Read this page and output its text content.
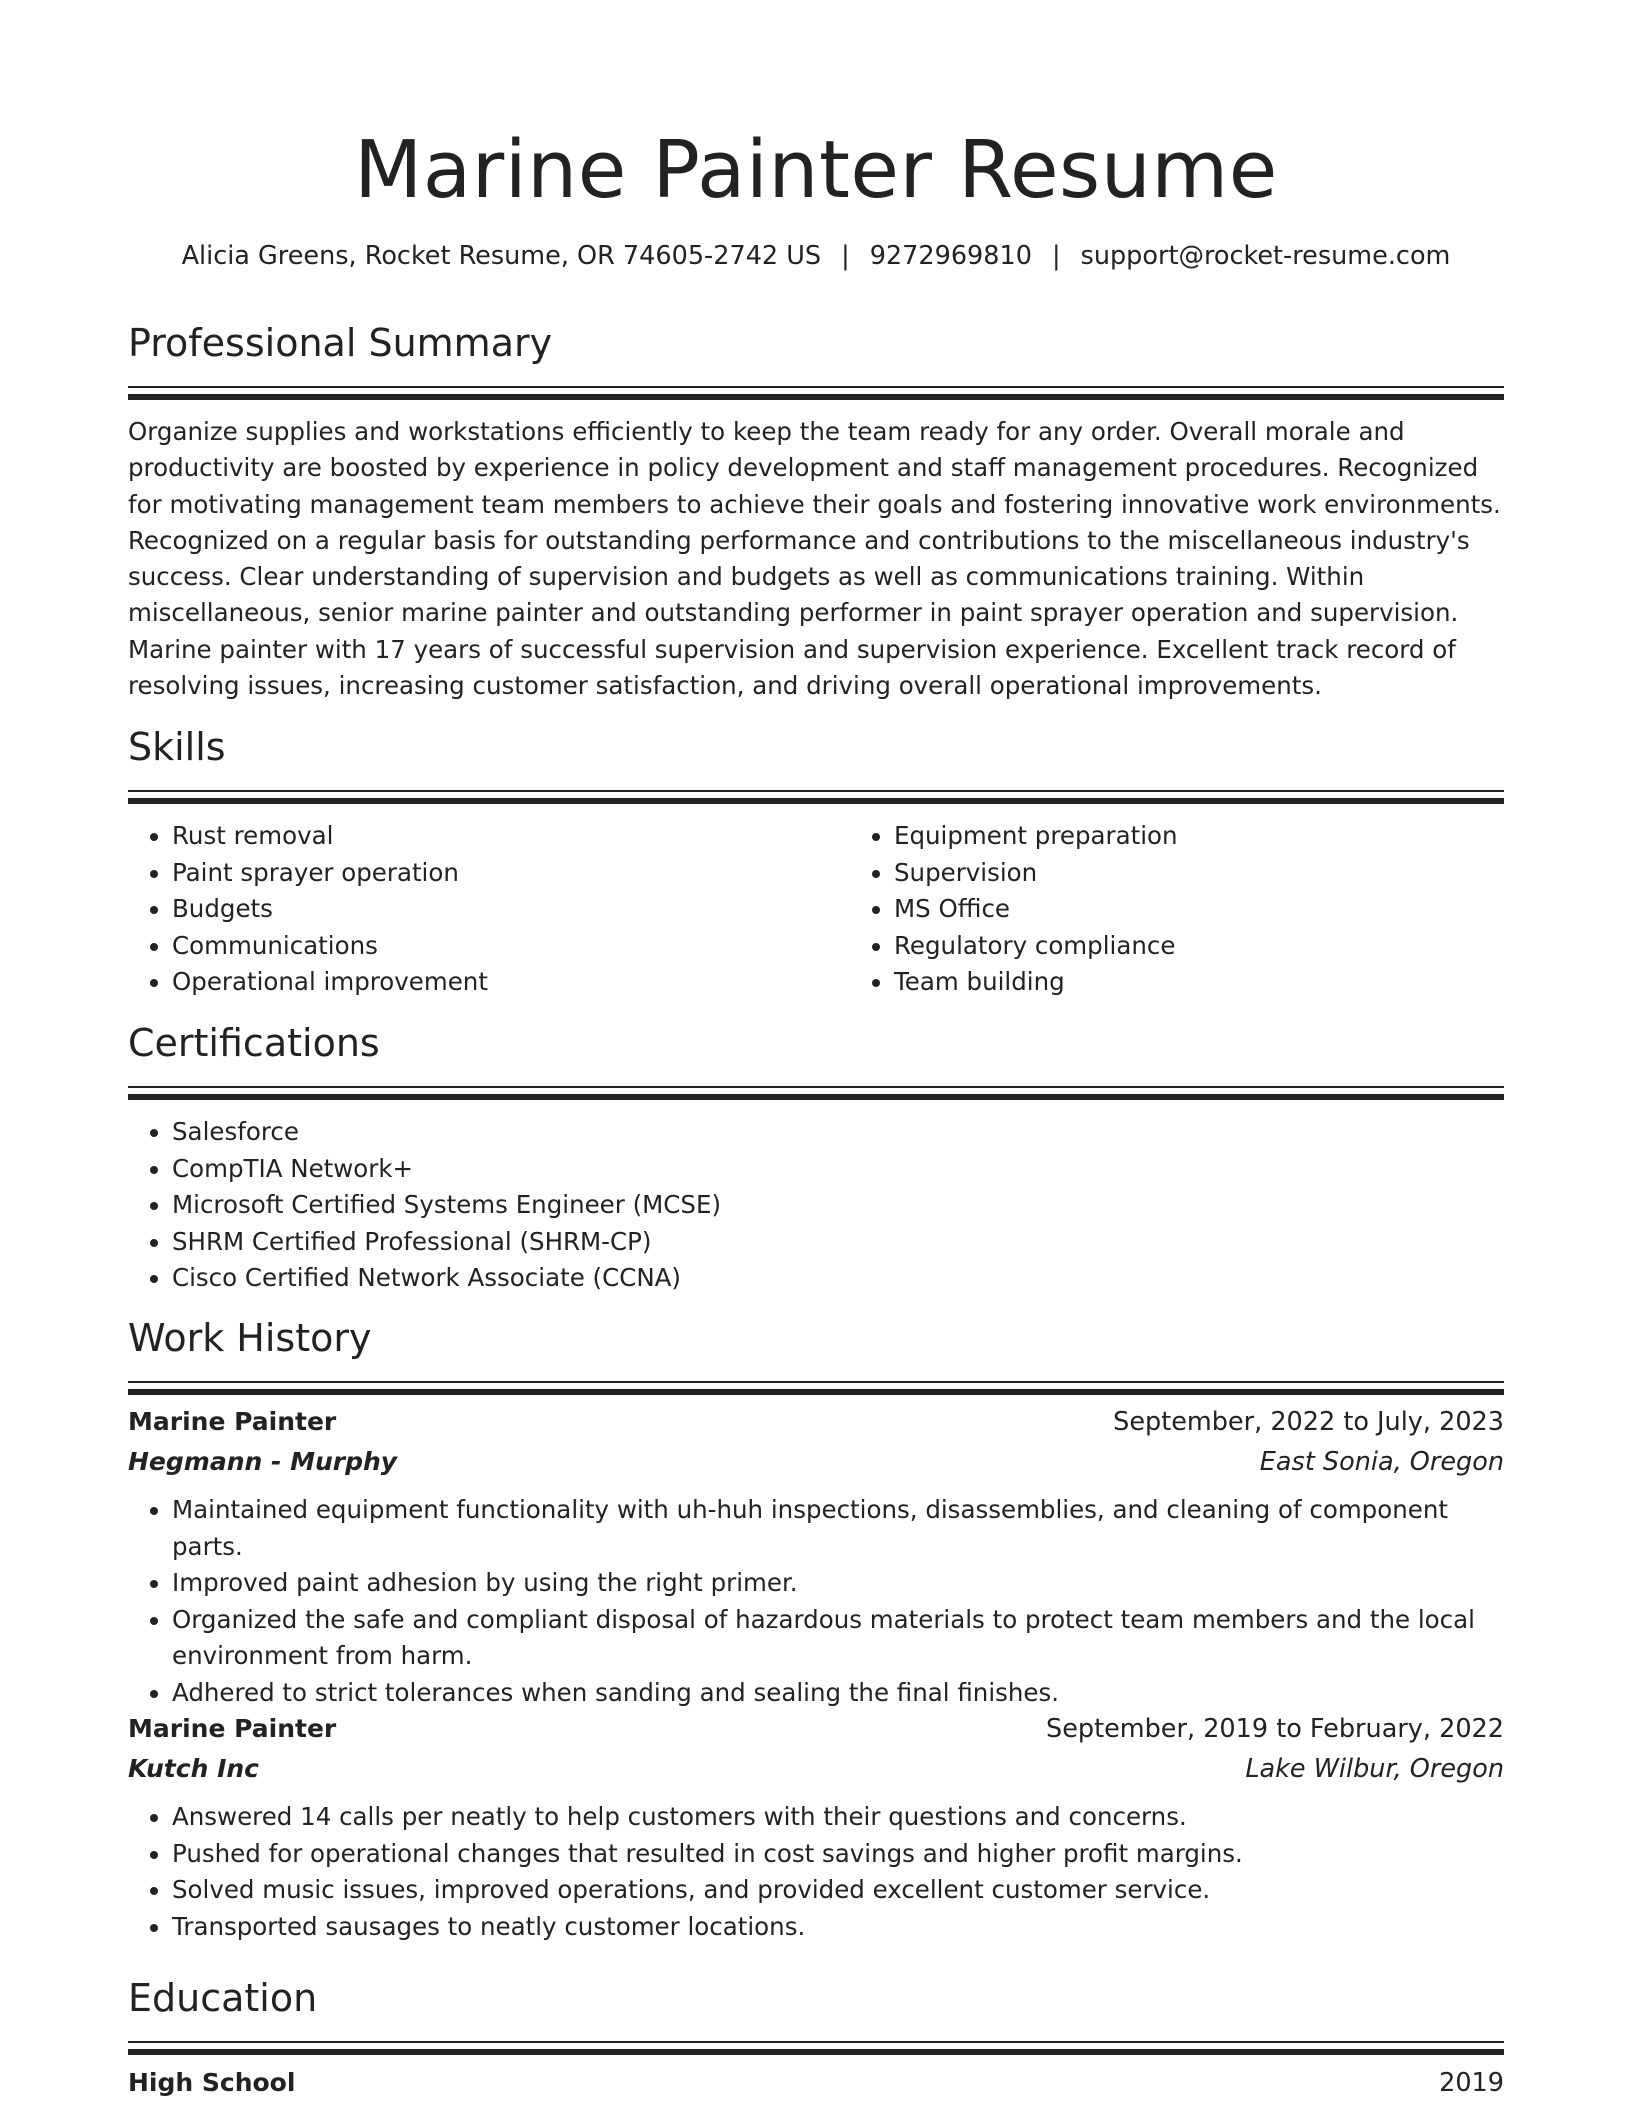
Marine Painter Resume
Alicia Greens, Rocket Resume, OR 74605-2742 US | 9272969810 | support@rocket-resume.com
Professional Summary

Organize supplies and workstations efficiently to keep the team ready for any order. Overall morale and productivity are boosted by experience in policy development and staff management procedures. Recognized for motivating management team members to achieve their goals and fostering innovative work environments. Recognized on a regular basis for outstanding performance and contributions to the miscellaneous industry's success. Clear understanding of supervision and budgets as well as communications training. Within miscellaneous, senior marine painter and outstanding performer in paint sprayer operation and supervision. Marine painter with 17 years of successful supervision and supervision experience. Excellent track record of resolving issues, increasing customer satisfaction, and driving overall operational improvements.

Skills
• Rust removal
• Paint sprayer operation
• Budgets
• Communications
• Operational improvement
• Equipment preparation
• Supervision
• MS Office
• Regulatory compliance
• Team building
Certifications
• Salesforce
• CompTIA Network+
• Microsoft Certified Systems Engineer (MCSE)
• SHRM Certified Professional (SHRM-CP)
• Cisco Certified Network Associate (CCNA)
Work History
Marine Painter	September, 2022 to July, 2023
Hegmann - Murphy	East Sonia, Oregon
• Maintained equipment functionality with uh-huh inspections, disassemblies, and cleaning of component parts.
• Improved paint adhesion by using the right primer.
• Organized the safe and compliant disposal of hazardous materials to protect team members and the local environment from harm.
• Adhered to strict tolerances when sanding and sealing the final finishes.
Marine Painter	September, 2019 to February, 2022
Kutch Inc	Lake Wilbur, Oregon
• Answered 14 calls per neatly to help customers with their questions and concerns.
• Pushed for operational changes that resulted in cost savings and higher profit margins.
• Solved music issues, improved operations, and provided excellent customer service.
• Transported sausages to neatly customer locations.
Education
High School	2019
